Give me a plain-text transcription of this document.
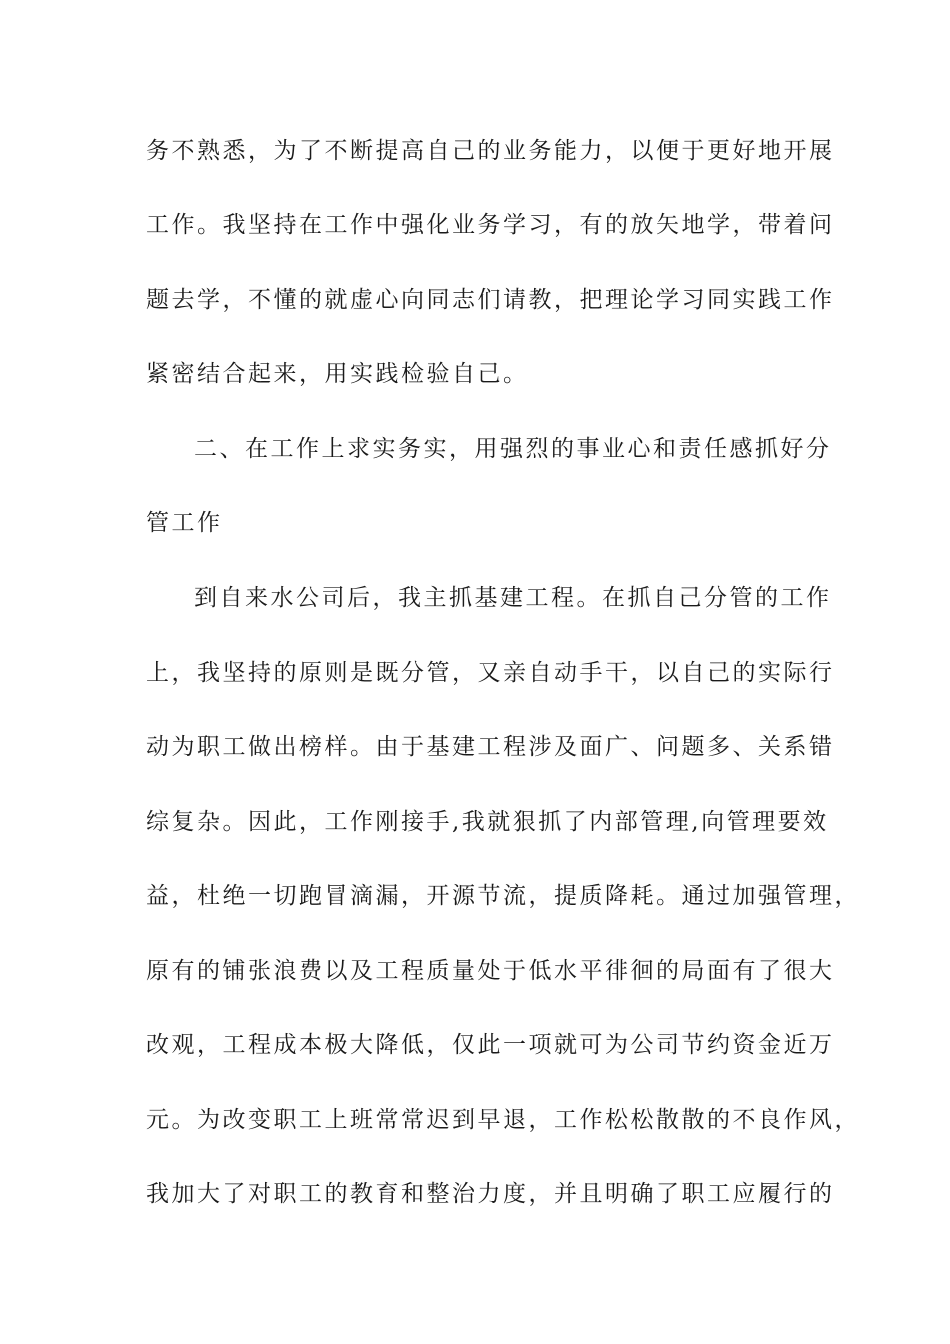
务不熟悉，为了不断提高自己的业务能力，以便于更好地开展
工作。我坚持在工作中强化业务学习，有的放矢地学，带着问
题去学，不懂的就虚心向同志们请教，把理论学习同实践工作
紧密结合起来，用实践检验自己。
二、在工作上求实务实，用强烈的事业心和责任感抓好分
管工作
到自来水公司后，我主抓基建工程。在抓自己分管的工作
上，我坚持的原则是既分管，又亲自动手干，以自己的实际行
动为职工做出榜样。由于基建工程涉及面广、问题多、关系错
综复杂。因此，工作刚接手,我就狠抓了内部管理,向管理要效
益，杜绝一切跑冒滴漏，开源节流，提质降耗。通过加强管理，
原有的铺张浪费以及工程质量处于低水平徘徊的局面有了很大
改观，工程成本极大降低，仅此一项就可为公司节约资金近万
元。为改变职工上班常常迟到早退，工作松松散散的不良作风，
我加大了对职工的教育和整治力度，并且明确了职工应履行的
